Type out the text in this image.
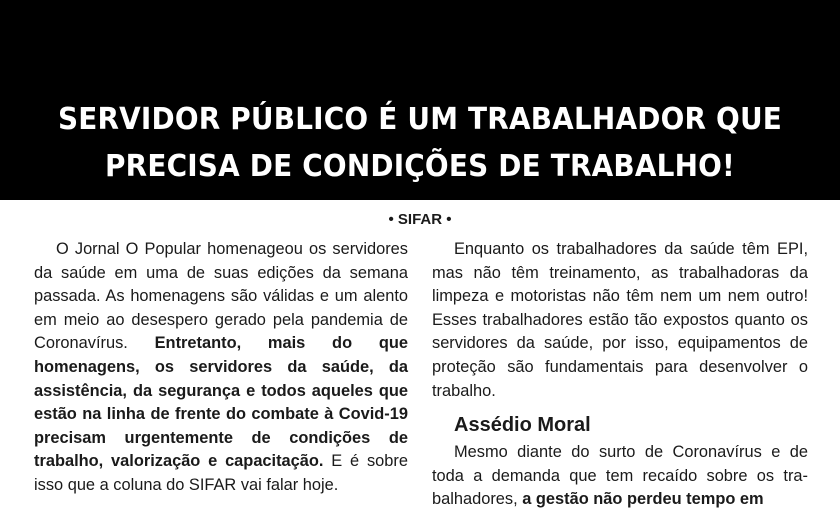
SERVIDOR PÚBLICO É UM TRABALHADOR QUE
PRECISA DE CONDIÇÕES DE TRABALHO!
• SIFAR •

O Jornal O Popular homenageou os servidores da saúde em uma de suas edições da semana passada. As homenagens são válidas e um alento em meio ao desespero gerado pela pandemia de Coronavírus. Entretanto, mais do que homenagens, os servidores da saúde, da assistência, da segurança e todos aqueles que estão na linha de frente do combate à Covid-19 precisam urgentemente de condições de trabalho, valorização e capacitação. E é sobre isso que a coluna do SIFAR vai falar hoje.

Enquanto os trabalhadores da saúde têm EPI, mas não têm treinamento, as trabalhadoras da limpeza e motoristas não têm nem um nem outro! Esses trabalhadores estão tão expostos quanto os servidores da saúde, por isso, equipamentos de proteção são fundamentais para desenvolver o trabalho.

Assédio Moral

Mesmo diante do surto de Coronavírus e de toda a demanda que tem recaído sobre os trabalhadores, a gestão não perdeu tempo em
